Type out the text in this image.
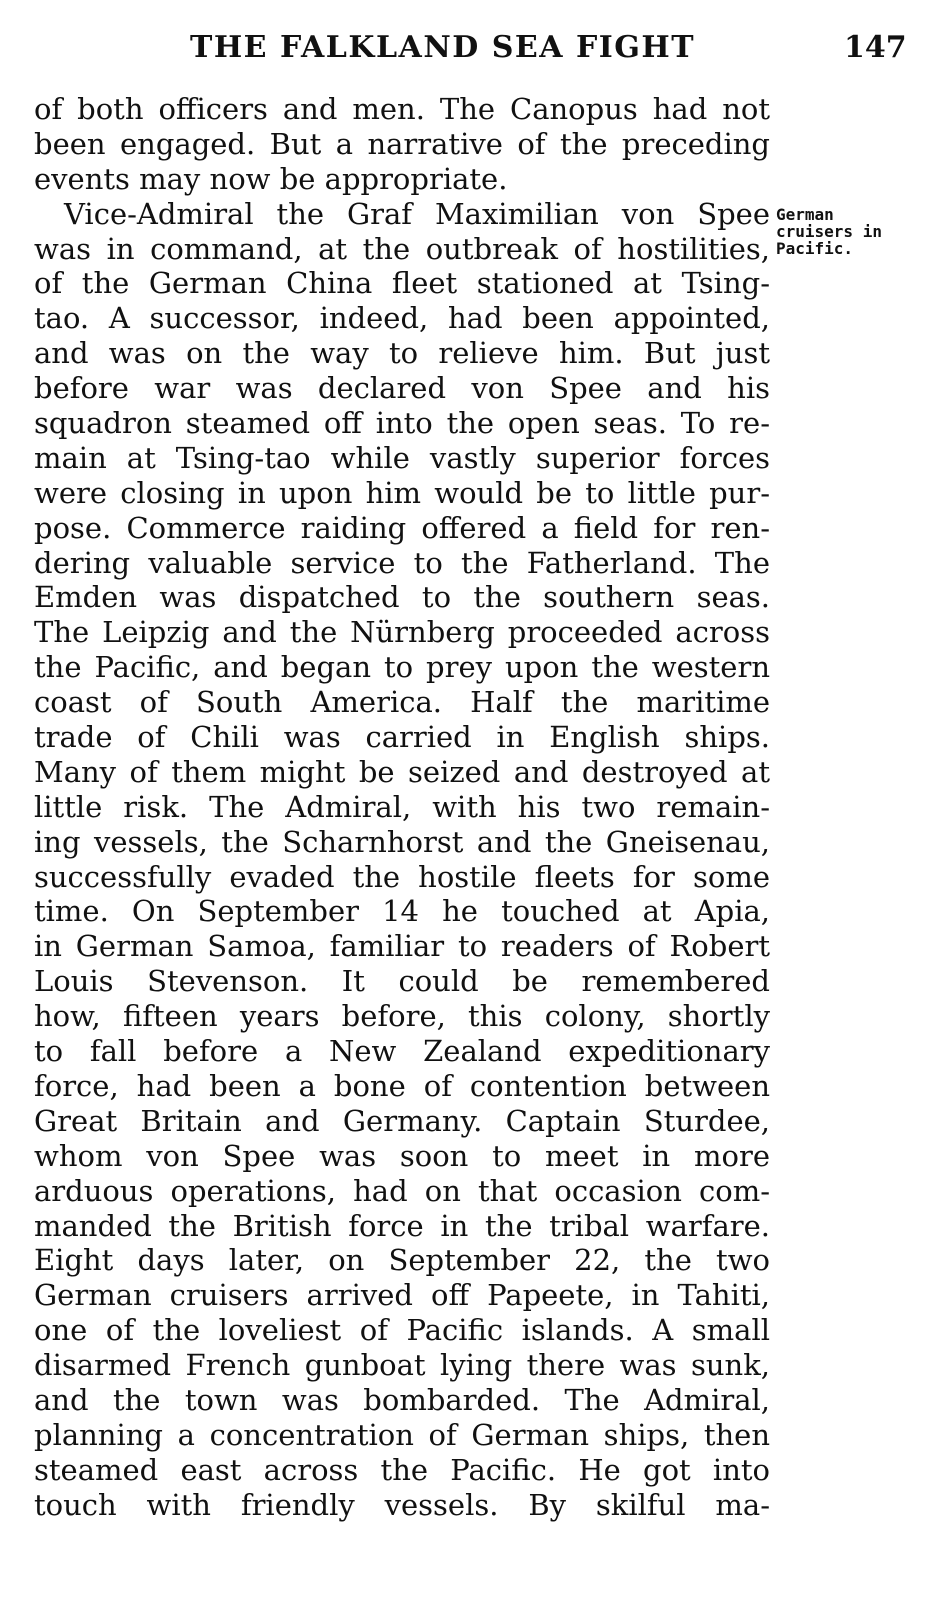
THE FALKLAND SEA FIGHT	147
German
cruisers in
Pacific.
of both officers and men. The Canopus had not
been engaged. But a narrative of the preceding
events may now be appropriate.
Vice-Admiral the Graf Maximilian von Spee
was in command, at the outbreak of hostilities,
of the German China fleet stationed at Tsing-
tao. A successor, indeed, had been appointed,
and was on the way to relieve him. But just
before war was declared von Spee and his
squadron steamed off into the open seas. To re-
main at Tsing-tao while vastly superior forces
were closing in upon him would be to little pur-
pose. Commerce raiding offered a field for ren-
dering valuable service to the Fatherland. The
Emden was dispatched to the southern seas.
The Leipzig and the Nürnberg proceeded across
the Pacific, and began to prey upon the western
coast of South America. Half the maritime
trade of Chili was carried in English ships.
Many of them might be seized and destroyed at
little risk. The Admiral, with his two remain-
ing vessels, the Scharnhorst and the Gneisenau,
successfully evaded the hostile fleets for some
time. On September 14 he touched at Apia,
in German Samoa, familiar to readers of Robert
Louis Stevenson. It could be remembered
how, fifteen years before, this colony, shortly
to fall before a New Zealand expeditionary
force, had been a bone of contention between
Great Britain and Germany. Captain Sturdee,
whom von Spee was soon to meet in more
arduous operations, had on that occasion com-
manded the British force in the tribal warfare.
Eight days later, on September 22, the two
German cruisers arrived off Papeete, in Tahiti,
one of the loveliest of Pacific islands. A small
disarmed French gunboat lying there was sunk,
and the town was bombarded. The Admiral,
planning a concentration of German ships, then
steamed east across the Pacific. He got into
touch with friendly vessels. By skilful ma-
